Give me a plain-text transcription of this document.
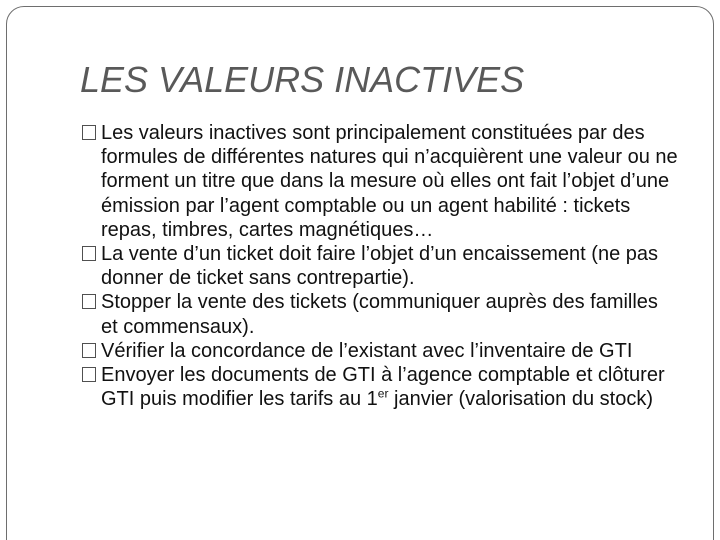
LES VALEURS INACTIVES
Les valeurs inactives sont principalement constituées par des formules de différentes natures qui n’acquièrent une valeur ou ne forment un titre que dans la mesure où elles ont fait l’objet d’une émission par l’agent comptable ou un agent habilité : tickets repas, timbres, cartes magnétiques…
La vente d’un ticket doit faire l’objet d’un encaissement (ne pas donner de ticket sans contrepartie).
Stopper la vente des tickets (communiquer auprès des familles et commensaux).
Vérifier la concordance de l’existant avec l’inventaire de GTI
Envoyer les documents de GTI à l’agence comptable et clôturer GTI puis modifier les tarifs au 1er janvier (valorisation du stock)
